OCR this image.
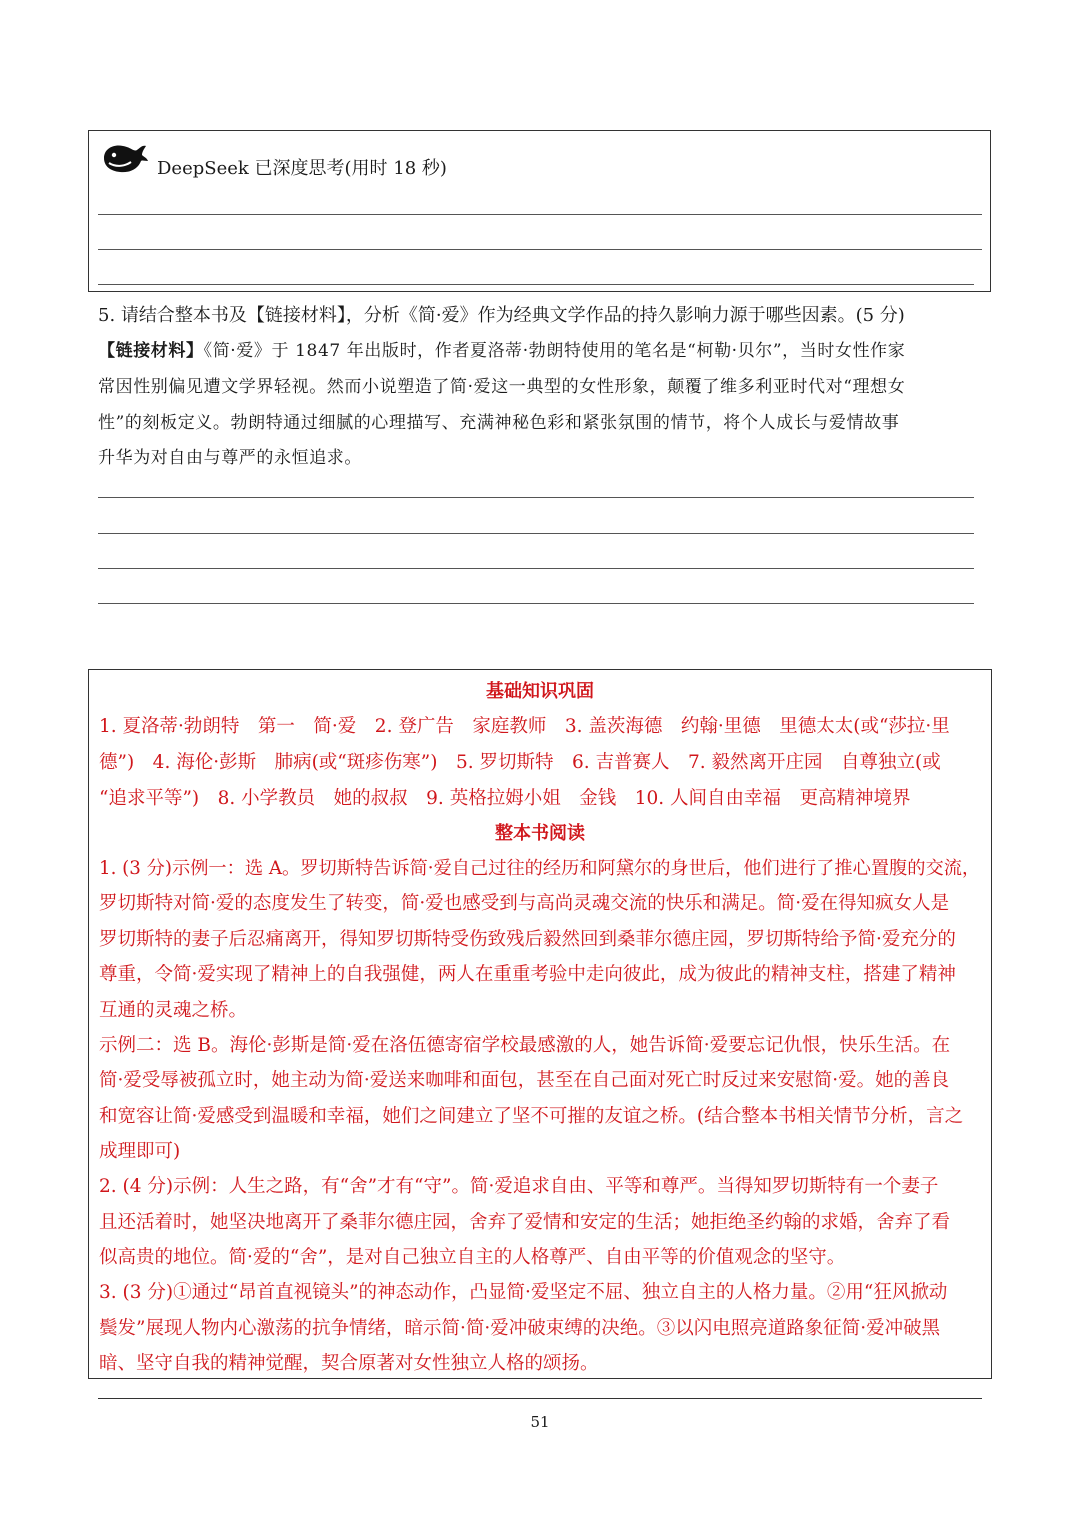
DeepSeek 已深度思考(用时 18 秒)
5. 请结合整本书及【链接材料】，分析《简·爱》作为经典文学作品的持久影响力源于哪些因素。(5 分)
【链接材料】《简·爱》于 1847 年出版时，作者夏洛蒂·勃朗特使用的笔名是“柯勒·贝尔”，当时女性作家
常因性别偏见遭文学界轻视。然而小说塑造了简·爱这一典型的女性形象，颠覆了维多利亚时代对“理想女
性”的刻板定义。勃朗特通过细腻的心理描写、充满神秘色彩和紧张氛围的情节，将个人成长与爱情故事
升华为对自由与尊严的永恒追求。
基础知识巩固
1. 夏洛蒂·勃朗特　第一　简·爱　2. 登广告　家庭教师　3. 盖茨海德　约翰·里德　里德太太(或“莎拉·里
德”)　4. 海伦·彭斯　肺病(或“斑疹伤寒”)　5. 罗切斯特　6. 吉普赛人　7. 毅然离开庄园　自尊独立(或
“追求平等”)　8. 小学教员　她的叔叔　9. 英格拉姆小姐　金钱　10. 人间自由幸福　更高精神境界
整本书阅读
1. (3 分)示例一：选 A。罗切斯特告诉简·爱自己过往的经历和阿黛尔的身世后，他们进行了推心置腹的交流，
罗切斯特对简·爱的态度发生了转变，简·爱也感受到与高尚灵魂交流的快乐和满足。简·爱在得知疯女人是
罗切斯特的妻子后忍痛离开，得知罗切斯特受伤致残后毅然回到桑菲尔德庄园，罗切斯特给予简·爱充分的
尊重，令简·爱实现了精神上的自我强健，两人在重重考验中走向彼此，成为彼此的精神支柱，搭建了精神
互通的灵魂之桥。
示例二：选 B。海伦·彭斯是简·爱在洛伍德寄宿学校最感激的人，她告诉简·爱要忘记仇恨，快乐生活。在
简·爱受辱被孤立时，她主动为简·爱送来咖啡和面包，甚至在自己面对死亡时反过来安慰简·爱。她的善良
和宽容让简·爱感受到温暖和幸福，她们之间建立了坚不可摧的友谊之桥。(结合整本书相关情节分析，言之
成理即可)
2. (4 分)示例：人生之路，有“舍”才有“守”。简·爱追求自由、平等和尊严。当得知罗切斯特有一个妻子
且还活着时，她坚决地离开了桑菲尔德庄园，舍弃了爱情和安定的生活；她拒绝圣约翰的求婚，舍弃了看
似高贵的地位。简·爱的“舍”，是对自己独立自主的人格尊严、自由平等的价值观念的坚守。
3. (3 分)①通过“昂首直视镜头”的神态动作，凸显简·爱坚定不屈、独立自主的人格力量。②用“狂风掀动
鬓发”展现人物内心激荡的抗争情绪，暗示简·简·爱冲破束缚的决绝。③以闪电照亮道路象征简·爱冲破黑
暗、坚守自我的精神觉醒，契合原著对女性独立人格的颂扬。
51
